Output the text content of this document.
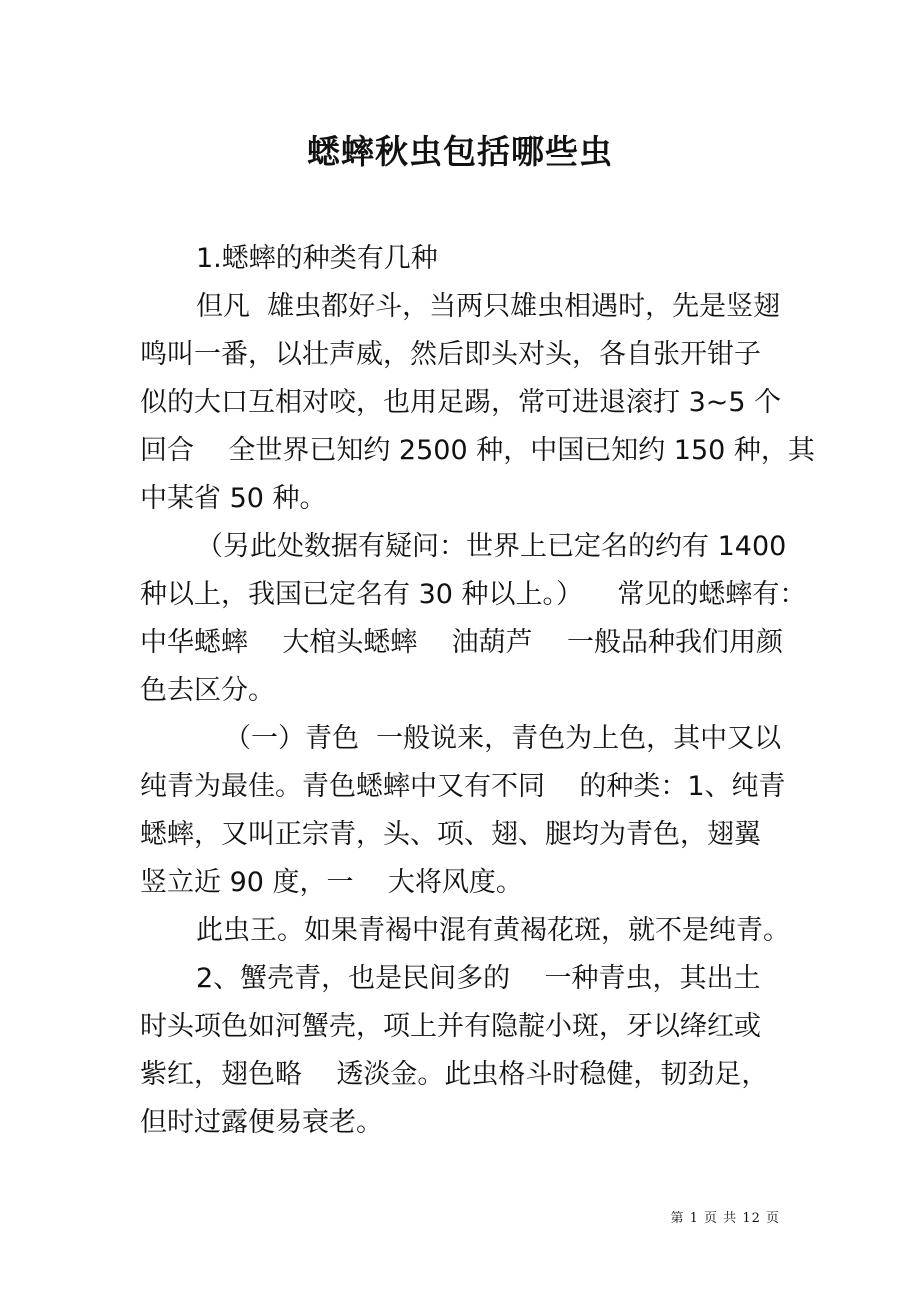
蟋蟀秋虫包括哪些虫

1.蟋蟀的种类有几种

但凡  雄虫都好斗，当两只雄虫相遇时，先是竖翅

鸣叫一番，以壮声威，然后即头对头，各自张开钳子

似的大口互相对咬，也用足踢，常可进退滚打 3~5 个

回合    全世界已知约 2500 种，中国已知约 150 种，其

中某省 50 种。

（另此处数据有疑问：世界上已定名的约有 1400

种以上，我国已定名有 30 种以上。）    常见的蟋蟀有：

中华蟋蟀    大棺头蟋蟀    油葫芦    一般品种我们用颜

色去区分。

（一）青色  一般说来，青色为上色，其中又以

纯青为最佳。青色蟋蟀中又有不同    的种类：1、纯青

蟋蟀，又叫正宗青，头、项、翅、腿均为青色，翅翼

竖立近 90 度，一    大将风度。

此虫王。如果青褐中混有黄褐花斑，就不是纯青。

2、蟹壳青，也是民间多的    一种青虫，其出土

时头项色如河蟹壳，项上并有隐靛小斑，牙以绛红或

紫红，翅色略    透淡金。此虫格斗时稳健，韧劲足，

但时过露便易衰老。

第 1 页 共 12 页
